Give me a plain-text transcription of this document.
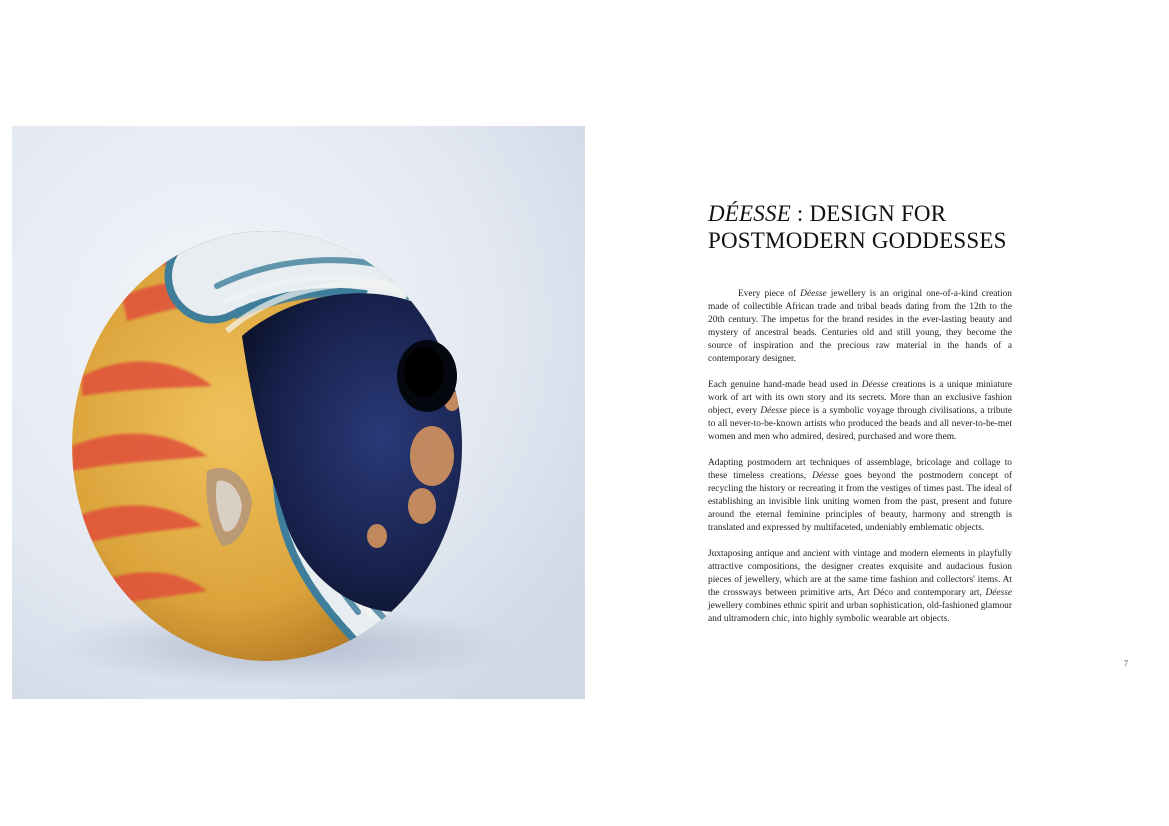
DÉESSE : DESIGN FOR
POSTMODERN GODDESSES

Every piece of Déesse jewellery is an original one-of-a-kind creation made of collectible African trade and tribal beads dating from the 12th to the 20th century. The impetus for the brand resides in the ever-lasting beauty and mystery of ancestral beads. Centuries old and still young, they become the source of inspiration and the precious raw material in the hands of a contemporary designer.

Each genuine hand-made bead used in Déesse creations is a unique miniature work of art with its own story and its secrets. More than an exclusive fashion object, every Déesse piece is a symbolic voyage through civilisations, a tribute to all never-to-be-known artists who produced the beads and all never-to-be-met women and men who admired, desired, purchased and wore them.

Adapting postmodern art techniques of assemblage, bricolage and collage to these timeless creations, Déesse goes beyond the postmodern concept of recycling the history or recreating it from the vestiges of times past. The ideal of establishing an invisible link uniting women from the past, present and future around the eternal feminine principles of beauty, harmony and strength is translated and expressed by multifaceted, undeniably emblematic objects.

Juxtaposing antique and ancient with vintage and modern elements in playfully attractive compositions, the designer creates exquisite and audacious fusion pieces of jewellery, which are at the same time fashion and collectors' items. At the crossways between primitive arts, Art Déco and contemporary art, Déesse jewellery combines ethnic spirit and urban sophistication, old-fashioned glamour and ultramodern chic, into highly symbolic wearable art objects.

7
